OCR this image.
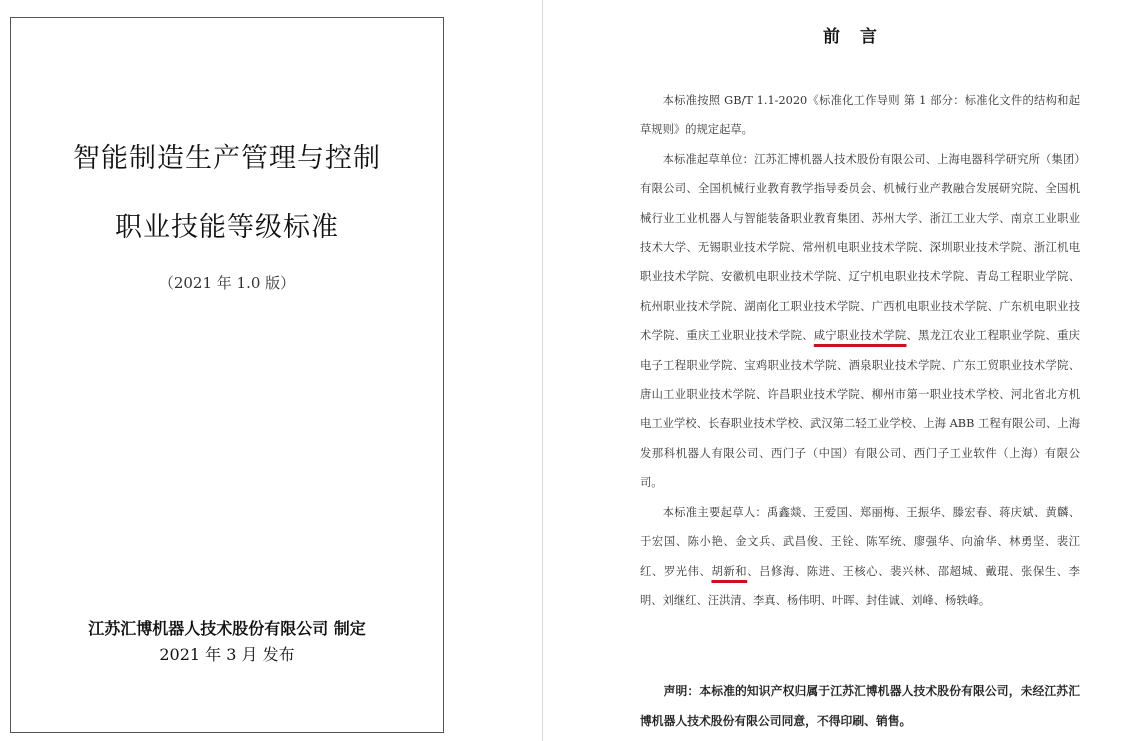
智能制造生产管理与控制
职业技能等级标准
（2021 年 1.0 版）
江苏汇博机器人技术股份有限公司 制定
2021 年 3 月 发布
前言

本标准按照 GB/T 1.1-2020《标准化工作导则 第 1 部分：标准化文件的结构和起草规则》的规定起草。

本标准起草单位：江苏汇博机器人技术股份有限公司、上海电器科学研究所（集团）有限公司、全国机械行业教育教学指导委员会、机械行业产教融合发展研究院、全国机械行业工业机器人与智能装备职业教育集团、苏州大学、浙江工业大学、南京工业职业技术大学、无锡职业技术学院、常州机电职业技术学院、深圳职业技术学院、浙江机电职业技术学院、安徽机电职业技术学院、辽宁机电职业技术学院、青岛工程职业学院、杭州职业技术学院、湖南化工职业技术学院、广西机电职业技术学院、广东机电职业技术学院、重庆工业职业技术学院、咸宁职业技术学院、黑龙江农业工程职业学院、重庆电子工程职业学院、宝鸡职业技术学院、酒泉职业技术学院、广东工贸职业技术学院、唐山工业职业技术学院、许昌职业技术学院、柳州市第一职业技术学校、河北省北方机电工业学校、长春职业技术学校、武汉第二轻工业学校、上海 ABB 工程有限公司、上海发那科机器人有限公司、西门子（中国）有限公司、西门子工业软件（上海）有限公司。

本标准主要起草人：禹鑫燚、王爱国、郑丽梅、王振华、滕宏春、蒋庆斌、黄麟、于宏国、陈小艳、金文兵、武昌俊、王铨、陈军统、廖强华、向渝华、林勇坚、裴江红、罗光伟、胡新和、吕修海、陈进、王核心、裴兴林、邵超城、戴琨、张保生、李明、刘继红、汪洪清、李真、杨伟明、叶晖、封佳诚、刘峰、杨轶峰。

声明：本标准的知识产权归属于江苏汇博机器人技术股份有限公司，未经江苏汇博机器人技术股份有限公司同意，不得印刷、销售。
